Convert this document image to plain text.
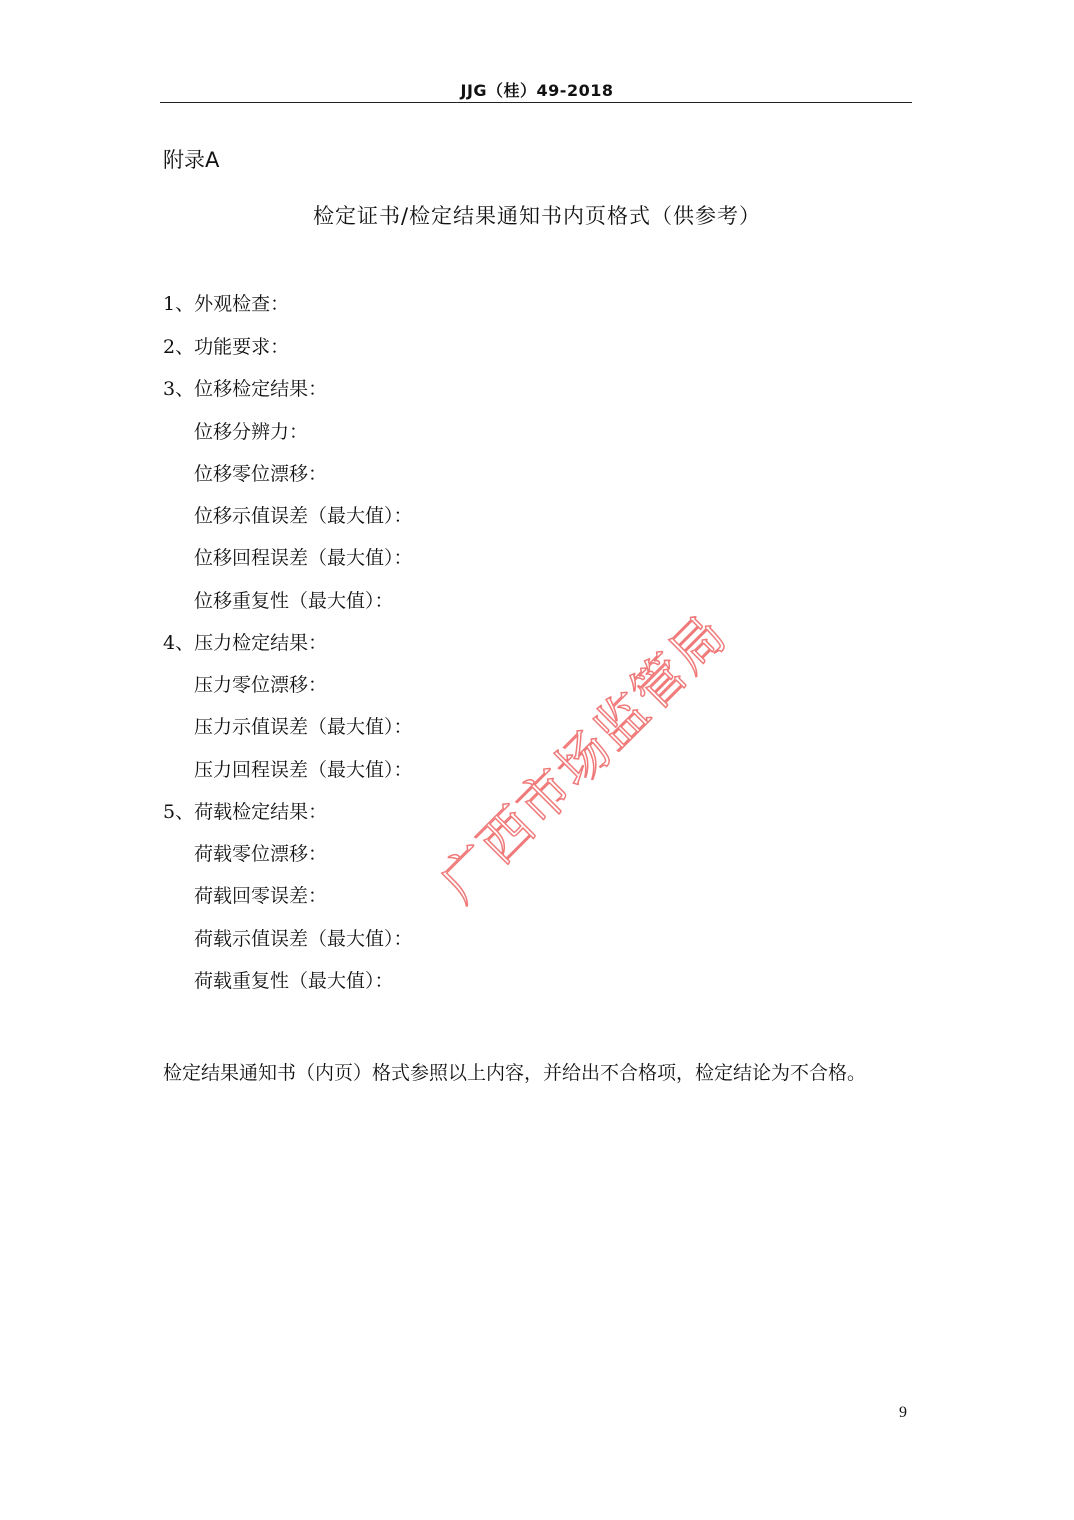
JJG（桂）49-2018
附录A
检定证书/检定结果通知书内页格式（供参考）
1、外观检查：
2、功能要求：
3、位移检定结果：
位移分辨力：
位移零位漂移：
位移示值误差（最大值）：
位移回程误差（最大值）：
位移重复性（最大值）：
4、压力检定结果：
压力零位漂移：
压力示值误差（最大值）：
压力回程误差（最大值）：
5、荷载检定结果：
荷载零位漂移：
荷载回零误差：
荷载示值误差（最大值）：
荷载重复性（最大值）：
检定结果通知书（内页）格式参照以上内容，并给出不合格项，检定结论为不合格。
广西市场监管局
9
